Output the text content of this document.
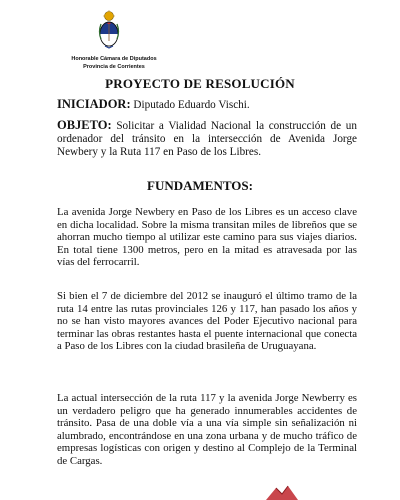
Honorable Cámara de Diputados
Provincia de Corrientes
PROYECTO DE RESOLUCIÓN
INICIADOR: Diputado Eduardo Vischi.
OBJETO: Solicitar a Vialidad Nacional la construcción de un ordenador del tránsito en la intersección de Avenida Jorge Newbery y la Ruta 117 en Paso de los Libres.
FUNDAMENTOS:
La avenida Jorge Newbery en Paso de los Libres es un acceso clave en dicha localidad. Sobre la misma transitan miles de libreños que se ahorran mucho tiempo al utilizar este camino para sus viajes diarios. En total tiene 1300 metros, pero en la mitad es atravesada por las vías del ferrocarril.
Si bien el 7 de diciembre del 2012 se inauguró el último tramo de la ruta 14 entre las rutas provinciales 126 y 117, han pasado los años y no se han visto mayores avances del Poder Ejecutivo nacional para terminar las obras restantes hasta el puente internacional que conecta a Paso de los Libres con la ciudad brasileña de Uruguayana.
La actual intersección de la ruta 117 y la avenida Jorge Newberry es un verdadero peligro que ha generado innumerables accidentes de tránsito. Pasa de una doble vía a una vía simple sin señalización ni alumbrado, encontrándose en una zona urbana y de mucho tráfico de empresas logísticas con origen y destino al Complejo de la Terminal de Cargas.
